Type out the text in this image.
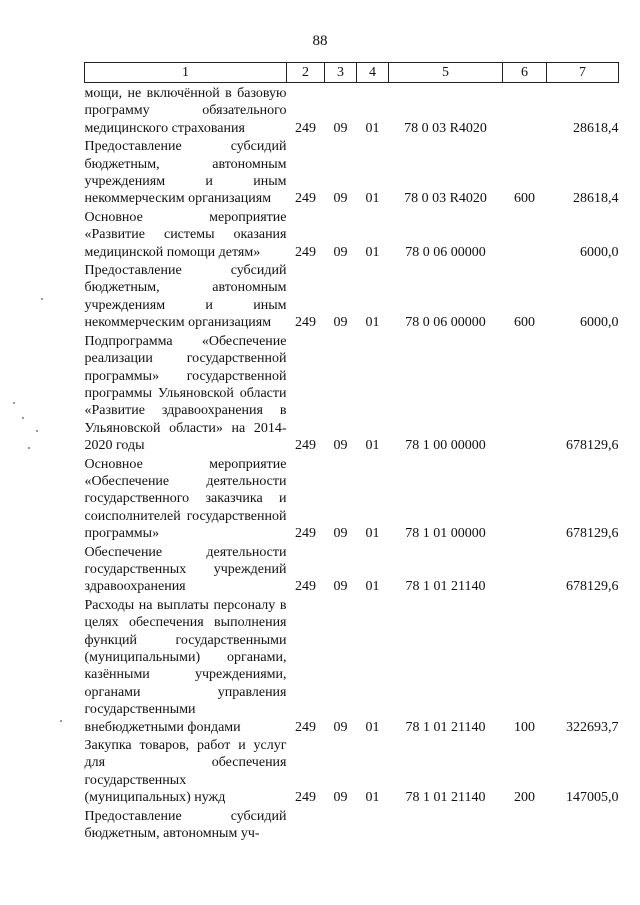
88
1	2	3	4	5	6	7
мощи, не включённой в базовую программу обязательного медицинского страхования	249	09	01	78 0 03 R4020		28618,4
Предоставление субсидий бюджетным, автономным учреждениям и иным некоммерческим организациям	249	09	01	78 0 03 R4020	600	28618,4
Основное мероприятие «Развитие системы оказания медицинской помощи детям»	249	09	01	78 0 06 00000		6000,0
Предоставление субсидий бюджетным, автономным учреждениям и иным некоммерческим организациям	249	09	01	78 0 06 00000	600	6000,0
Подпрограмма «Обеспечение реализации государственной программы» государственной программы Ульяновской области «Развитие здравоохранения в Ульяновской области» на 2014-2020 годы	249	09	01	78 1 00 00000		678129,6
Основное мероприятие «Обеспечение деятельности государственного заказчика и соисполнителей государственной программы»	249	09	01	78 1 01 00000		678129,6
Обеспечение деятельности государственных учреждений здравоохранения	249	09	01	78 1 01 21140		678129,6
Расходы на выплаты персоналу в целях обеспечения выполнения функций государственными (муниципальными) органами, казёнными учреждениями, органами управления государственными внебюджетными фондами	249	09	01	78 1 01 21140	100	322693,7
Закупка товаров, работ и услуг для обеспечения государственных (муниципальных) нужд	249	09	01	78 1 01 21140	200	147005,0
Предоставление субсидий бюджетным, автономным уч-						
